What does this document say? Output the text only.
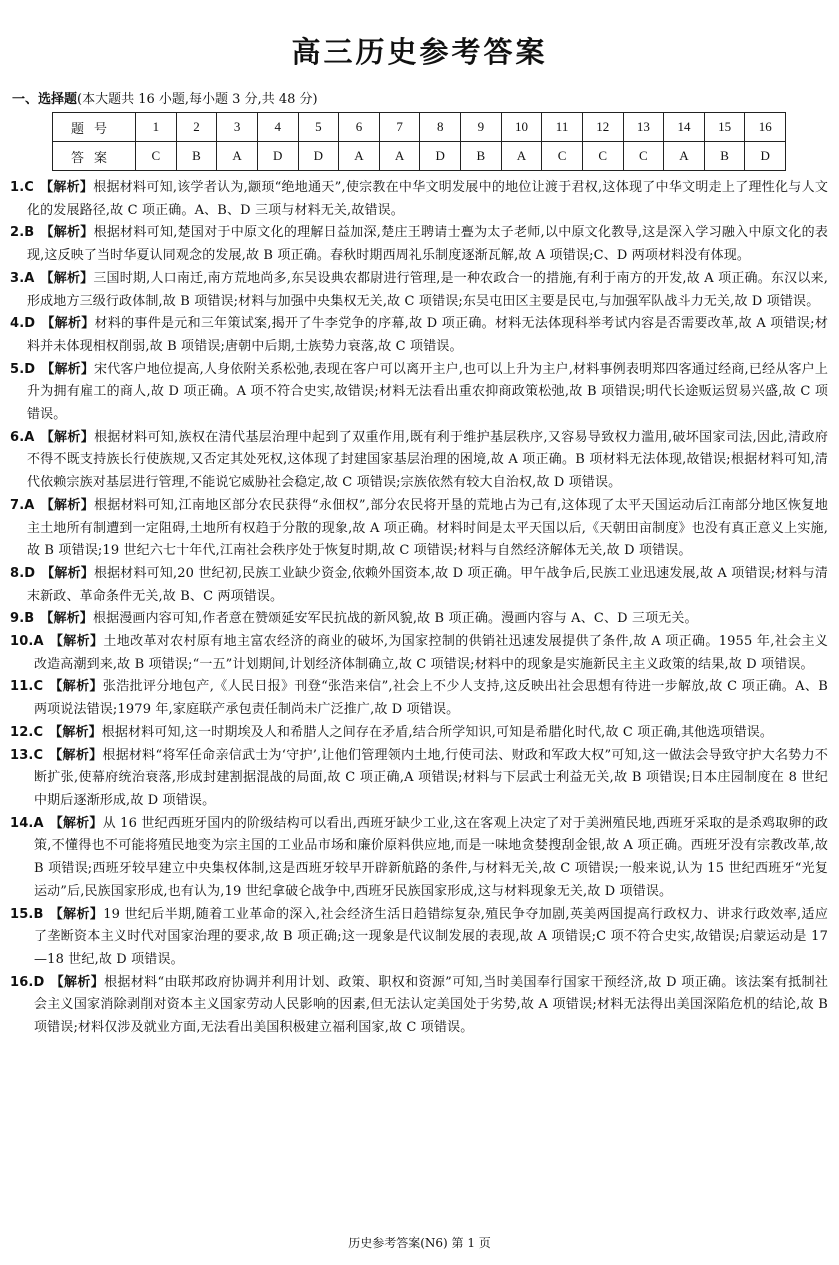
高三历史参考答案
一、选择题(本大题共 16 小题,每小题 3 分,共 48 分)
题号	1	2	3	4	5	6	7	8	9	10	11	12	13	14	15	16
答案	C	B	A	D	D	A	A	D	B	A	C	C	C	A	B	D
1.C 【解析】根据材料可知,该学者认为,颛顼“绝地通天”,使宗教在中华文明发展中的地位让渡于君权,这体现了中华文明走上了理性化与人文化的发展路径,故 C 项正确。A、B、D 三项与材料无关,故错误。
2.B 【解析】根据材料可知,楚国对于中原文化的理解日益加深,楚庄王聘请士亹为太子老师,以中原文化教导,这是深入学习融入中原文化的表现,这反映了当时华夏认同观念的发展,故 B 项正确。春秋时期西周礼乐制度逐渐瓦解,故 A 项错误;C、D 两项材料没有体现。
3.A 【解析】三国时期,人口南迁,南方荒地尚多,东吴设典农都尉进行管理,是一种农政合一的措施,有利于南方的开发,故 A 项正确。东汉以来,形成地方三级行政体制,故 B 项错误;材料与加强中央集权无关,故 C 项错误;东吴屯田区主要是民屯,与加强军队战斗力无关,故 D 项错误。
4.D 【解析】材料的事件是元和三年策试案,揭开了牛李党争的序幕,故 D 项正确。材料无法体现科举考试内容是否需要改革,故 A 项错误;材料并未体现相权削弱,故 B 项错误;唐朝中后期,士族势力衰落,故 C 项错误。
5.D 【解析】宋代客户地位提高,人身依附关系松弛,表现在客户可以离开主户,也可以上升为主户,材料事例表明郑四客通过经商,已经从客户上升为拥有雇工的商人,故 D 项正确。A 项不符合史实,故错误;材料无法看出重农抑商政策松弛,故 B 项错误;明代长途贩运贸易兴盛,故 C 项错误。
6.A 【解析】根据材料可知,族权在清代基层治理中起到了双重作用,既有利于维护基层秩序,又容易导致权力滥用,破坏国家司法,因此,清政府不得不既支持族长行使族规,又否定其处死权,这体现了封建国家基层治理的困境,故 A 项正确。B 项材料无法体现,故错误;根据材料可知,清代依赖宗族对基层进行管理,不能说它威胁社会稳定,故 C 项错误;宗族依然有较大自治权,故 D 项错误。
7.A 【解析】根据材料可知,江南地区部分农民获得“永佃权”,部分农民将开垦的荒地占为己有,这体现了太平天国运动后江南部分地区恢复地主土地所有制遭到一定阻碍,土地所有权趋于分散的现象,故 A 项正确。材料时间是太平天国以后,《天朝田亩制度》也没有真正意义上实施,故 B 项错误;19 世纪六七十年代,江南社会秩序处于恢复时期,故 C 项错误;材料与自然经济解体无关,故 D 项错误。
8.D 【解析】根据材料可知,20 世纪初,民族工业缺少资金,依赖外国资本,故 D 项正确。甲午战争后,民族工业迅速发展,故 A 项错误;材料与清末新政、革命条件无关,故 B、C 两项错误。
9.B 【解析】根据漫画内容可知,作者意在赞颂延安军民抗战的新风貌,故 B 项正确。漫画内容与 A、C、D 三项无关。
10.A 【解析】土地改革对农村原有地主富农经济的商业的破坏,为国家控制的供销社迅速发展提供了条件,故 A 项正确。1955 年,社会主义改造高潮到来,故 B 项错误;“一五”计划期间,计划经济体制确立,故 C 项错误;材料中的现象是实施新民主主义政策的结果,故 D 项错误。
11.C 【解析】张浩批评分地包产,《人民日报》刊登“张浩来信”,社会上不少人支持,这反映出社会思想有待进一步解放,故 C 项正确。A、B 两项说法错误;1979 年,家庭联产承包责任制尚未广泛推广,故 D 项错误。
12.C 【解析】根据材料可知,这一时期埃及人和希腊人之间存在矛盾,结合所学知识,可知是希腊化时代,故 C 项正确,其他选项错误。
13.C 【解析】根据材料“将军任命亲信武士为‘守护’,让他们管理领内土地,行使司法、财政和军政大权”可知,这一做法会导致守护大名势力不断扩张,使幕府统治衰落,形成封建割据混战的局面,故 C 项正确,A 项错误;材料与下层武士利益无关,故 B 项错误;日本庄园制度在 8 世纪中期后逐渐形成,故 D 项错误。
14.A 【解析】从 16 世纪西班牙国内的阶级结构可以看出,西班牙缺少工业,这在客观上决定了对于美洲殖民地,西班牙采取的是杀鸡取卵的政策,不懂得也不可能将殖民地变为宗主国的工业品市场和廉价原料供应地,而是一味地贪婪搜刮金银,故 A 项正确。西班牙没有宗教改革,故 B 项错误;西班牙较早建立中央集权体制,这是西班牙较早开辟新航路的条件,与材料无关,故 C 项错误;一般来说,认为 15 世纪西班牙“光复运动”后,民族国家形成,也有认为,19 世纪拿破仑战争中,西班牙民族国家形成,这与材料现象无关,故 D 项错误。
15.B 【解析】19 世纪后半期,随着工业革命的深入,社会经济生活日趋错综复杂,殖民争夺加剧,英美两国提高行政权力、讲求行政效率,适应了垄断资本主义时代对国家治理的要求,故 B 项正确;这一现象是代议制发展的表现,故 A 项错误;C 项不符合史实,故错误;启蒙运动是 17—18 世纪,故 D 项错误。
16.D 【解析】根据材料“由联邦政府协调并利用计划、政策、职权和资源”可知,当时美国奉行国家干预经济,故 D 项正确。该法案有抵制社会主义国家消除剥削对资本主义国家劳动人民影响的因素,但无法认定美国处于劣势,故 A 项错误;材料无法得出美国深陷危机的结论,故 B 项错误;材料仅涉及就业方面,无法看出美国积极建立福利国家,故 C 项错误。
历史参考答案(N6) 第 1 页
